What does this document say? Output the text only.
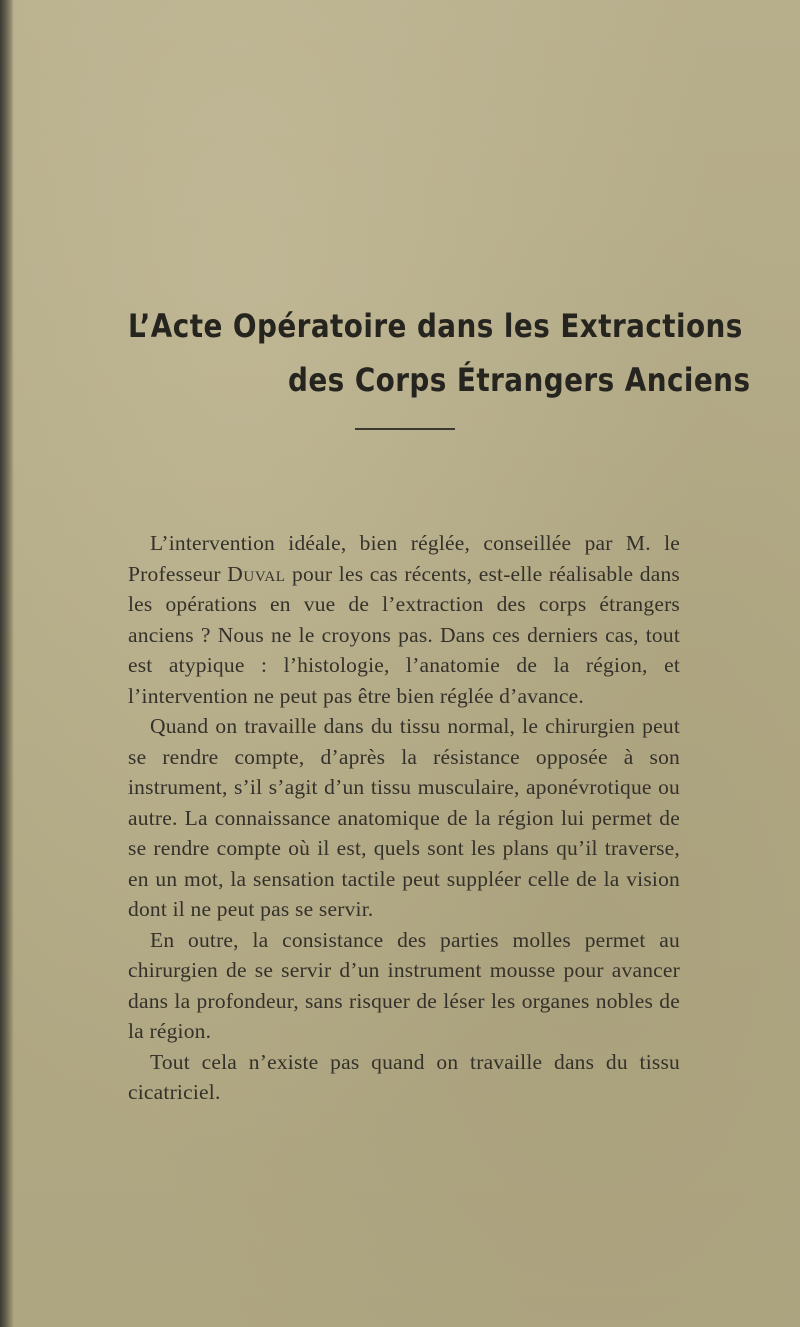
L’Acte Opératoire dans les Extractions
des Corps Étrangers Anciens

L’intervention idéale, bien réglée, conseillée par M. le Professeur Duval pour les cas récents, est-elle réalisable dans les opérations en vue de l’extraction des corps étrangers anciens ? Nous ne le croyons pas. Dans ces derniers cas, tout est atypique : l’histologie, l’anatomie de la région, et l’intervention ne peut pas être bien réglée d’avance.

Quand on travaille dans du tissu normal, le chirurgien peut se rendre compte, d’après la résistance opposée à son instrument, s’il s’agit d’un tissu musculaire, aponévrotique ou autre. La connaissance anatomique de la région lui permet de se rendre compte où il est, quels sont les plans qu’il traverse, en un mot, la sensation tactile peut suppléer celle de la vision dont il ne peut pas se servir.

En outre, la consistance des parties molles permet au chirurgien de se servir d’un instrument mousse pour avancer dans la profondeur, sans risquer de léser les organes nobles de la région.

Tout cela n’existe pas quand on travaille dans du tissu cicatriciel.
